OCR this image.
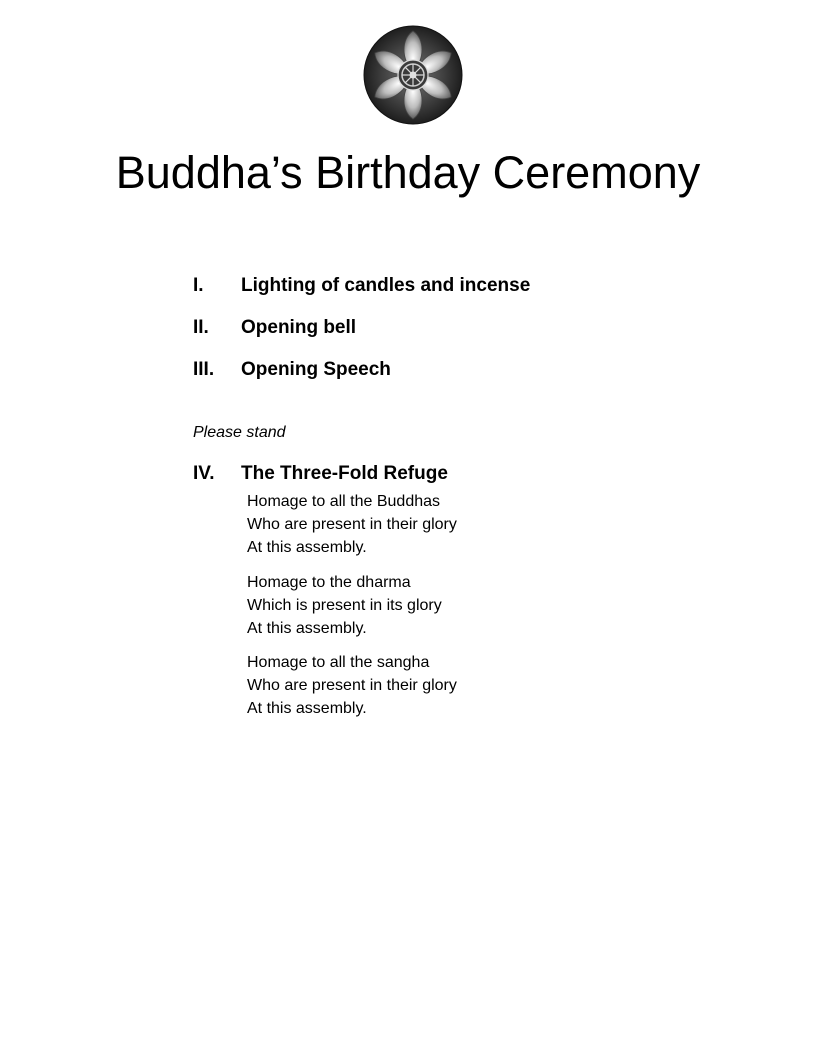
Buddha’s Birthday Ceremony
I. Lighting of candles and incense
II. Opening bell
III. Opening Speech
Please stand
IV. The Three-Fold Refuge
Homage to all the Buddhas
Who are present in their glory
At this assembly.
Homage to the dharma
Which is present in its glory
At this assembly.
Homage to all the sangha
Who are present in their glory
At this assembly.
